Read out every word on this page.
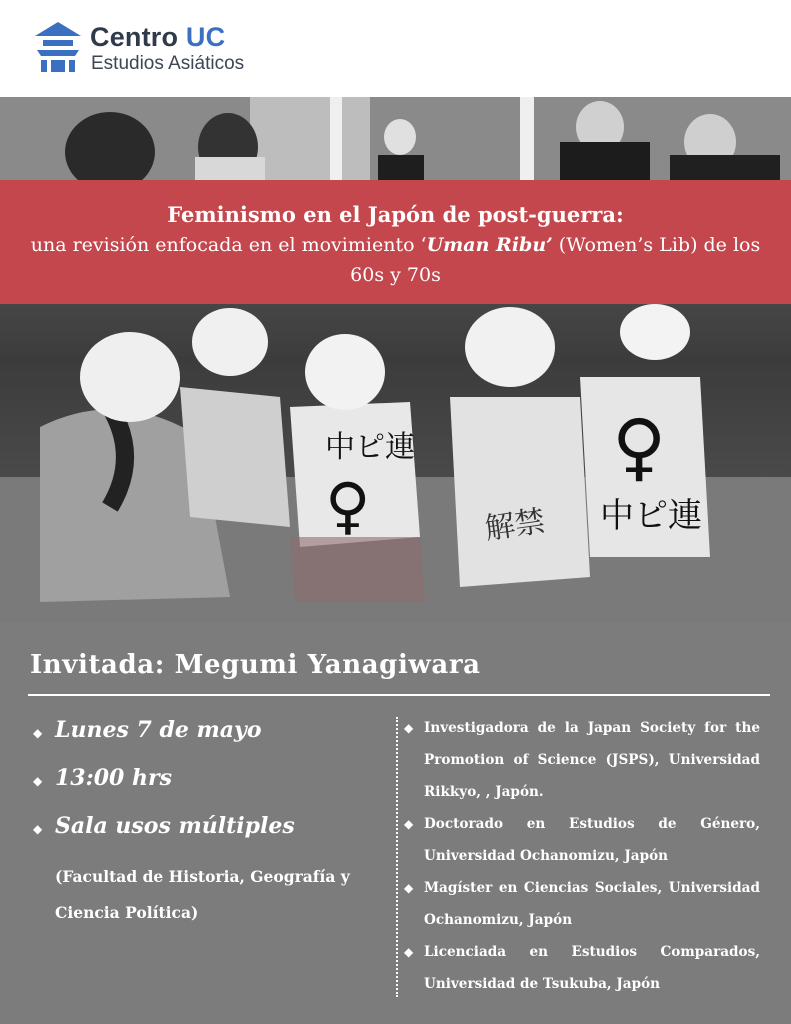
Centro UC
Estudios Asiáticos
中ピ連
♀
♀
中ピ連
解禁
Feminismo en el Japón de post-guerra:
una revisión enfocada en el movimiento ‘Uman Ribu’ (Women’s Lib) de los 60s y 70s
Invitada: Megumi Yanagiwara
◆ Lunes 7 de mayo
◆ 13:00 hrs
◆ Sala usos múltiples
(Facultad de Historia, Geografía y Ciencia Política)
◆ Investigadora de la Japan Society for the Promotion of Science (JSPS), Universidad Rikkyo, , Japón.
◆ Doctorado en Estudios de Género, Universidad Ochanomizu, Japón
◆ Magíster en Ciencias Sociales, Universidad Ochanomizu, Japón
◆ Licenciada en Estudios Comparados, Universidad de Tsukuba, Japón
